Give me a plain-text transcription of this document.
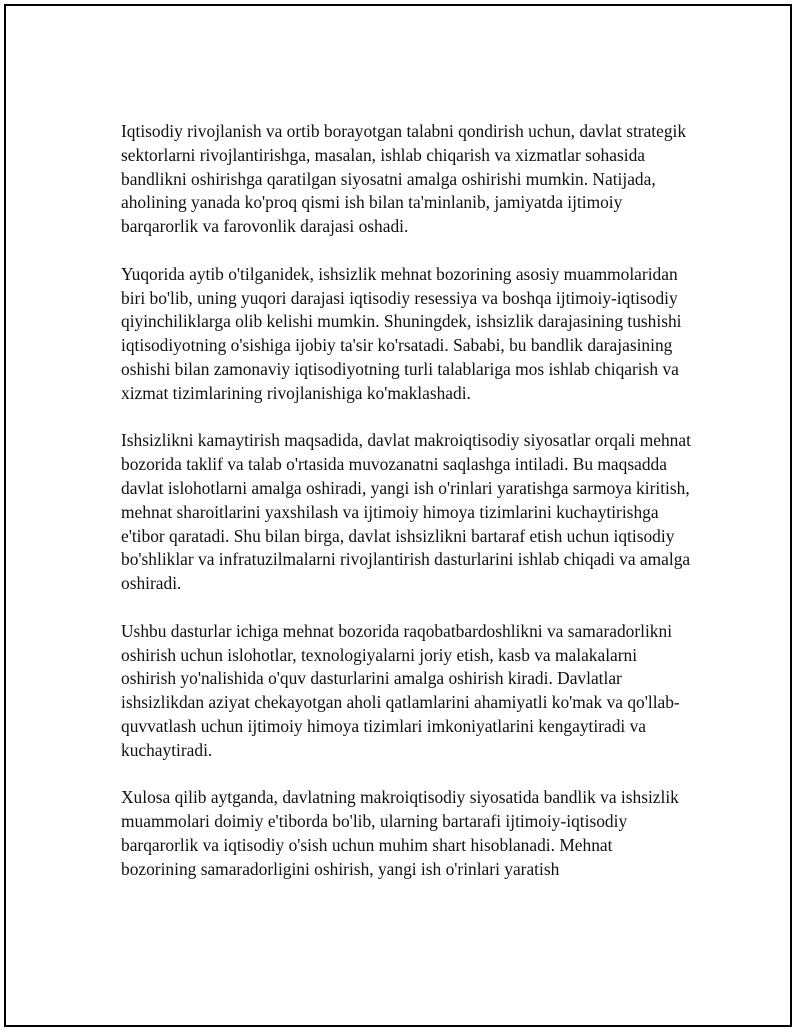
Iqtisodiy rivojlanish va ortib borayotgan talabni qondirish uchun, davlat strategik sektorlarni rivojlantirishga, masalan, ishlab chiqarish va xizmatlar sohasida bandlikni oshirishga qaratilgan siyosatni amalga oshirishi mumkin. Natijada, aholining yanada ko'proq qismi ish bilan ta'minlanib, jamiyatda ijtimoiy barqarorlik va farovonlik darajasi oshadi.

Yuqorida aytib o'tilganidek, ishsizlik mehnat bozorining asosiy muammolaridan biri bo'lib, uning yuqori darajasi iqtisodiy resessiya va boshqa ijtimoiy-iqtisodiy qiyinchiliklarga olib kelishi mumkin. Shuningdek, ishsizlik darajasining tushishi iqtisodiyotning o'sishiga ijobiy ta'sir ko'rsatadi. Sababi, bu bandlik darajasining oshishi bilan zamonaviy iqtisodiyotning turli talablariga mos ishlab chiqarish va xizmat tizimlarining rivojlanishiga ko'maklashadi.

Ishsizlikni kamaytirish maqsadida, davlat makroiqtisodiy siyosatlar orqali mehnat bozorida taklif va talab o'rtasida muvozanatni saqlashga intiladi. Bu maqsadda davlat islohotlarni amalga oshiradi, yangi ish o'rinlari yaratishga sarmoya kiritish, mehnat sharoitlarini yaxshilash va ijtimoiy himoya tizimlarini kuchaytirishga e'tibor qaratadi. Shu bilan birga, davlat ishsizlikni bartaraf etish uchun iqtisodiy bo'shliklar va infratuzilmalarni rivojlantirish dasturlarini ishlab chiqadi va amalga oshiradi.

Ushbu dasturlar ichiga mehnat bozorida raqobatbardoshlikni va samaradorlikni oshirish uchun islohotlar, texnologiyalarni joriy etish, kasb va malakalarni oshirish yo'nalishida o'quv dasturlarini amalga oshirish kiradi. Davlatlar ishsizlikdan aziyat chekayotgan aholi qatlamlarini ahamiyatli ko'mak va qo'llab-quvvatlash uchun ijtimoiy himoya tizimlari imkoniyatlarini kengaytiradi va kuchaytiradi.

Xulosa qilib aytganda, davlatning makroiqtisodiy siyosatida bandlik va ishsizlik muammolari doimiy e'tiborda bo'lib, ularning bartarafi ijtimoiy-iqtisodiy barqarorlik va iqtisodiy o'sish uchun muhim shart hisoblanadi. Mehnat bozorining samaradorligini oshirish, yangi ish o'rinlari yaratish
